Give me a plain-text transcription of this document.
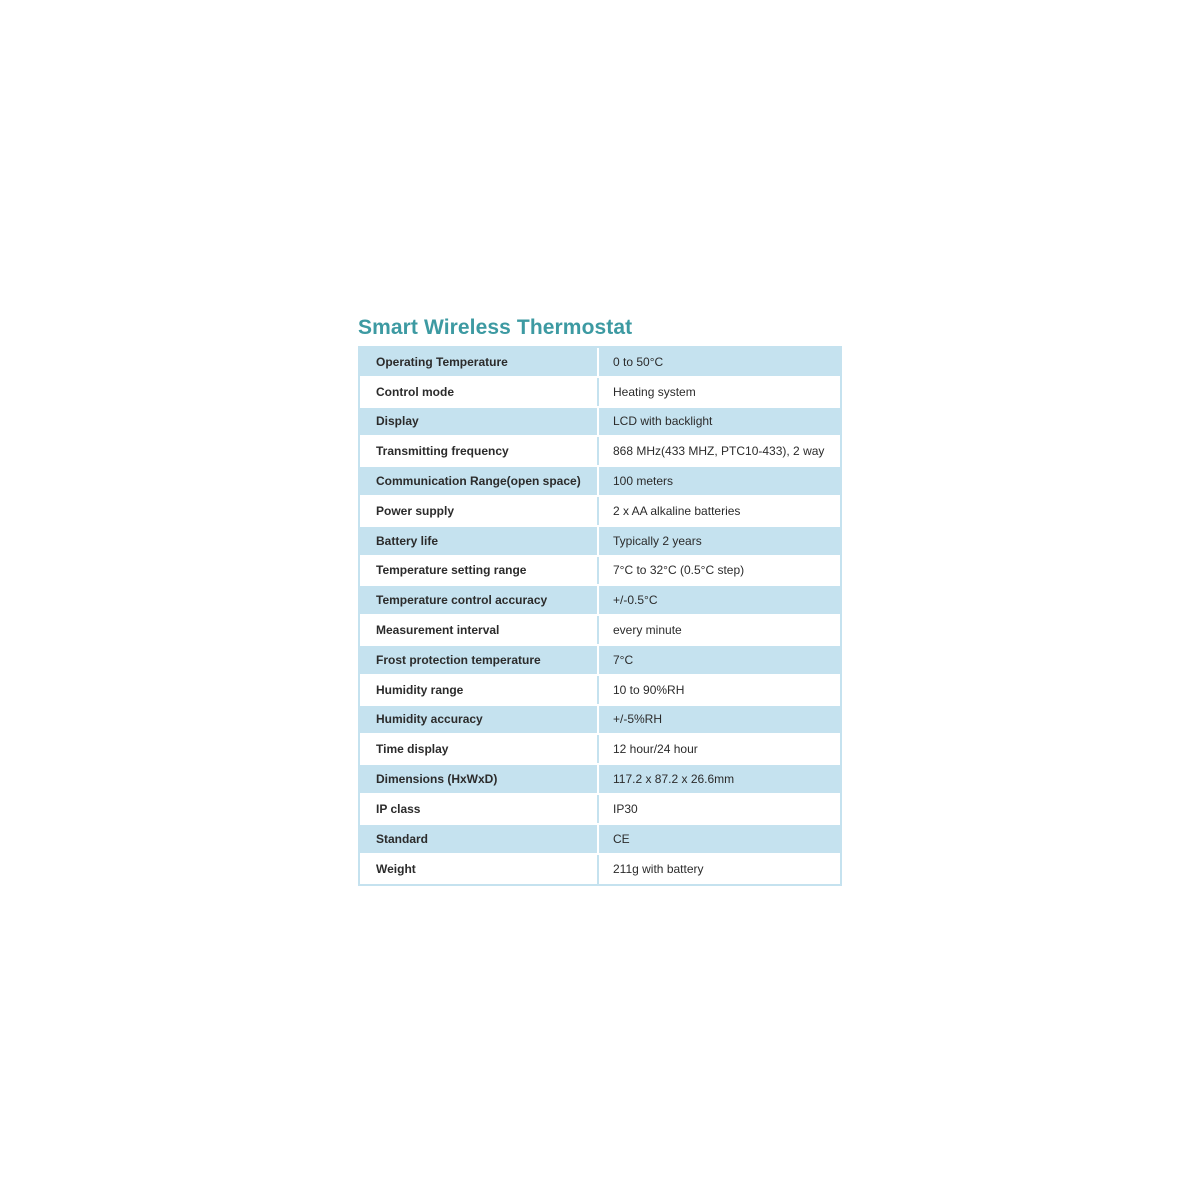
Smart Wireless Thermostat
Operating Temperature	0 to 50°C
Control mode	Heating system
Display	LCD with backlight
Transmitting frequency	868 MHz(433 MHZ, PTC10-433), 2 way
Communication Range(open space)	100 meters
Power supply	2 x AA alkaline batteries
Battery life	Typically 2 years
Temperature setting range	7°C to 32°C (0.5°C step)
Temperature control accuracy	+/-0.5°C
Measurement interval	every minute
Frost protection temperature	7°C
Humidity range	10 to 90%RH
Humidity accuracy	+/-5%RH
Time display	12 hour/24 hour
Dimensions (HxWxD)	117.2 x 87.2 x 26.6mm
IP class	IP30
Standard	CE
Weight	211g with battery
